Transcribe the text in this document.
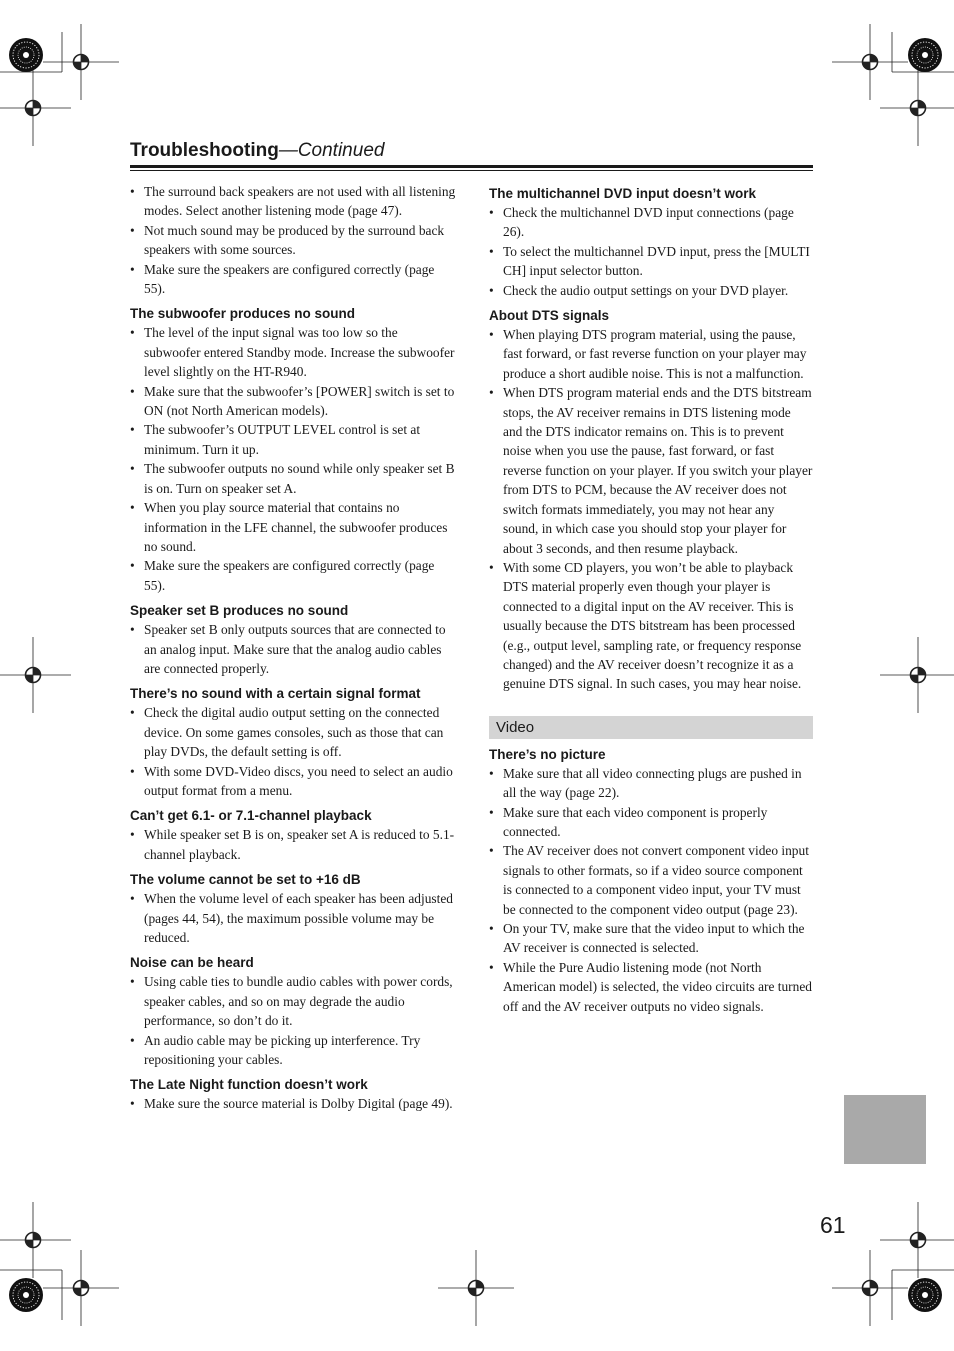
Troubleshooting—Continued
• The surround back speakers are not used with all listening modes. Select another listening mode (page 47).
• Not much sound may be produced by the surround back speakers with some sources.
• Make sure the speakers are configured correctly (page 55).
The subwoofer produces no sound
• The level of the input signal was too low so the subwoofer entered Standby mode. Increase the subwoofer level slightly on the HT-R940.
• Make sure that the subwoofer’s [POWER] switch is set to ON (not North American models).
• The subwoofer’s OUTPUT LEVEL control is set at minimum. Turn it up.
• The subwoofer outputs no sound while only speaker set B is on. Turn on speaker set A.
• When you play source material that contains no information in the LFE channel, the subwoofer produces no sound.
• Make sure the speakers are configured correctly (page 55).
Speaker set B produces no sound
• Speaker set B only outputs sources that are connected to an analog input. Make sure that the analog audio cables are connected properly.
There’s no sound with a certain signal format
• Check the digital audio output setting on the connected device. On some games consoles, such as those that can play DVDs, the default setting is off.
• With some DVD-Video discs, you need to select an audio output format from a menu.
Can’t get 6.1- or 7.1-channel playback
• While speaker set B is on, speaker set A is reduced to 5.1-channel playback.
The volume cannot be set to +16 dB
• When the volume level of each speaker has been adjusted (pages 44, 54), the maximum possible volume may be reduced.
Noise can be heard
• Using cable ties to bundle audio cables with power cords, speaker cables, and so on may degrade the audio performance, so don’t do it.
• An audio cable may be picking up interference. Try repositioning your cables.
The Late Night function doesn’t work
• Make sure the source material is Dolby Digital (page 49).
The multichannel DVD input doesn’t work
• Check the multichannel DVD input connections (page 26).
• To select the multichannel DVD input, press the [MULTI CH] input selector button.
• Check the audio output settings on your DVD player.
About DTS signals
• When playing DTS program material, using the pause, fast forward, or fast reverse function on your player may produce a short audible noise. This is not a malfunction.
• When DTS program material ends and the DTS bitstream stops, the AV receiver remains in DTS listening mode and the DTS indicator remains on. This is to prevent noise when you use the pause, fast forward, or fast reverse function on your player. If you switch your player from DTS to PCM, because the AV receiver does not switch formats immediately, you may not hear any sound, in which case you should stop your player for about 3 seconds, and then resume playback.
• With some CD players, you won’t be able to playback DTS material properly even though your player is connected to a digital input on the AV receiver. This is usually because the DTS bitstream has been processed (e.g., output level, sampling rate, or frequency response changed) and the AV receiver doesn’t recognize it as a genuine DTS signal. In such cases, you may hear noise.
Video
There’s no picture
• Make sure that all video connecting plugs are pushed in all the way (page 22).
• Make sure that each video component is properly connected.
• The AV receiver does not convert component video input signals to other formats, so if a video source component is connected to a component video input, your TV must be connected to the component video output (page 23).
• On your TV, make sure that the video input to which the AV receiver is connected is selected.
• While the Pure Audio listening mode (not North American model) is selected, the video circuits are turned off and the AV receiver outputs no video signals.
61
